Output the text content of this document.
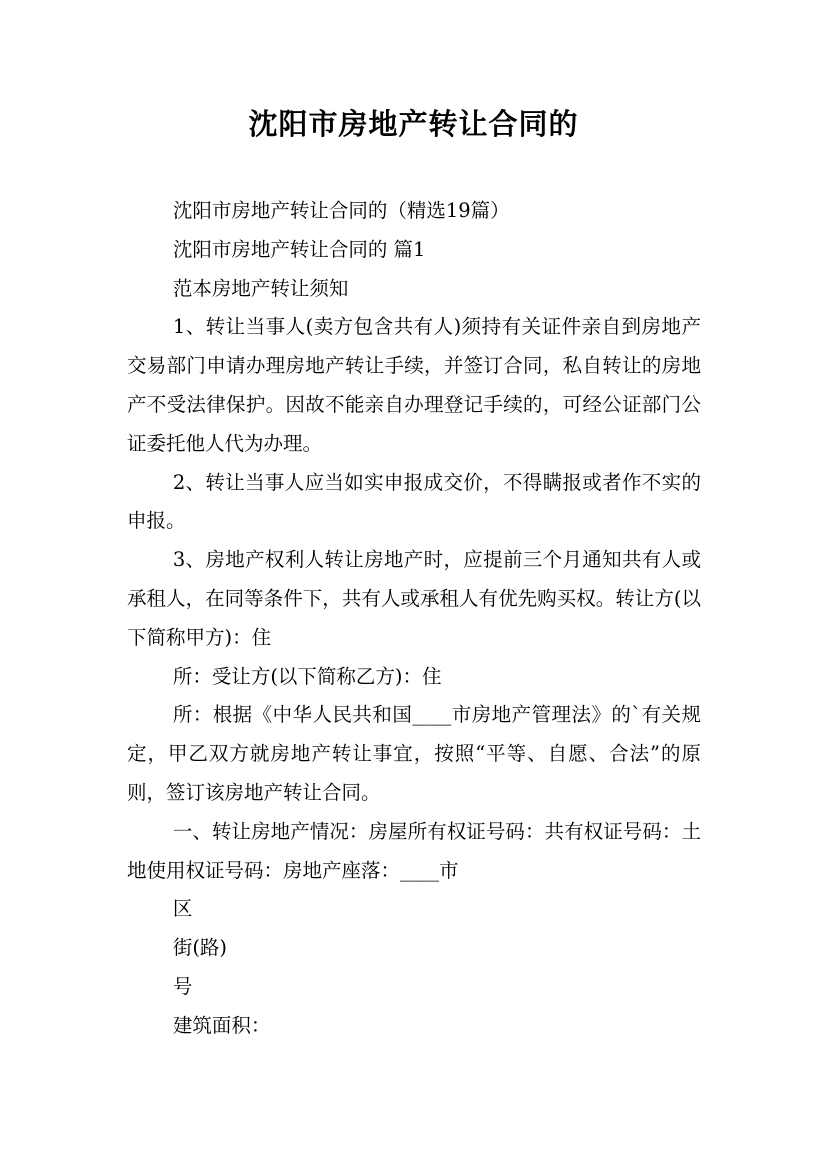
沈阳市房地产转让合同的

沈阳市房地产转让合同的（精选19篇）

沈阳市房地产转让合同的 篇1

范本房地产转让须知

1、转让当事人(卖方包含共有人)须持有关证件亲自到房地产交易部门申请办理房地产转让手续，并签订合同，私自转让的房地产不受法律保护。因故不能亲自办理登记手续的，可经公证部门公证委托他人代为办理。

2、转让当事人应当如实申报成交价，不得瞒报或者作不实的申报。

3、房地产权利人转让房地产时，应提前三个月通知共有人或承租人，在同等条件下，共有人或承租人有优先购买权。转让方(以下简称甲方)：住

所：受让方(以下简称乙方)：住

所：根据《中华人民共和国____市房地产管理法》的`有关规定，甲乙双方就房地产转让事宜，按照“平等、自愿、合法”的原则，签订该房地产转让合同。

一、转让房地产情况：房屋所有权证号码：共有权证号码：土地使用权证号码：房地产座落：____市

区

街(路)

号

建筑面积：
